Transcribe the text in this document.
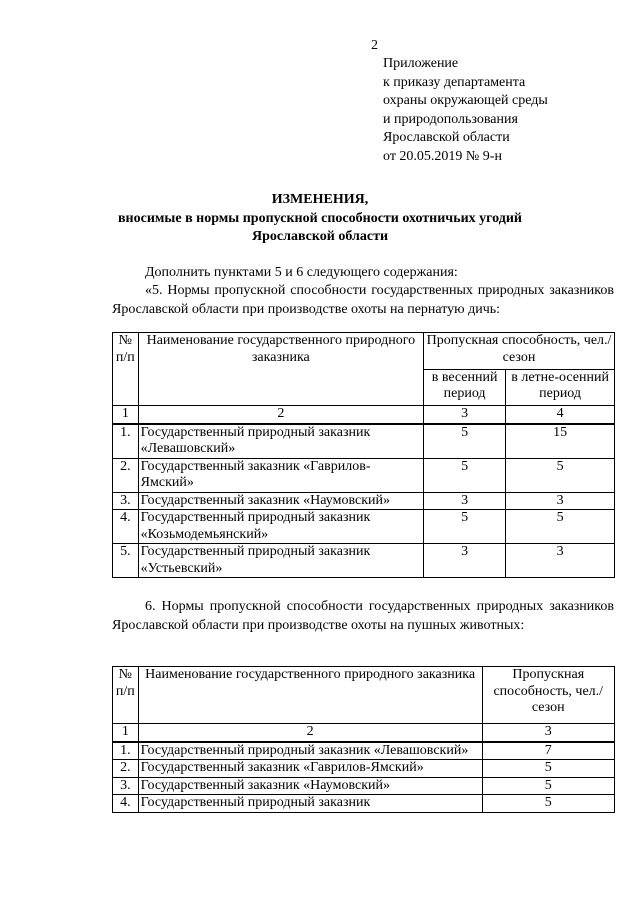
2
Приложение
к приказу департамента
охраны окружающей среды
и природопользования
Ярославской области
от 20.05.2019 № 9-н
ИЗМЕНЕНИЯ,
вносимые в нормы пропускной способности охотничьих угодий
Ярославской области
Дополнить пунктами 5 и 6 следующего содержания:
«5. Нормы пропускной способности государственных природных заказников Ярославской области при производстве охоты на пернатую дичь:
№ п/п	Наименование государственного природного заказника	Пропускная способность, чел./сезон	
		в весенний период	в летне-осенний период
1	2	3	4
1.	Государственный природный заказник «Левашовский»	5	15
2.	Государственный заказник «Гаврилов-Ямский»	5	5
3.	Государственный заказник «Наумовский»	3	3
4.	Государственный природный заказник «Козьмодемьянский»	5	5
5.	Государственный природный заказник «Устьевский»	3	3
6. Нормы пропускной способности государственных природных заказников Ярославской области при производстве охоты на пушных животных:
№ п/п	Наименование государственного природного заказника	Пропускная способность, чел./сезон
1	2	3
1.	Государственный природный заказник «Левашовский»	7
2.	Государственный заказник «Гаврилов-Ямский»	5
3.	Государственный заказник «Наумовский»	5
4.	Государственный природный заказник	5
